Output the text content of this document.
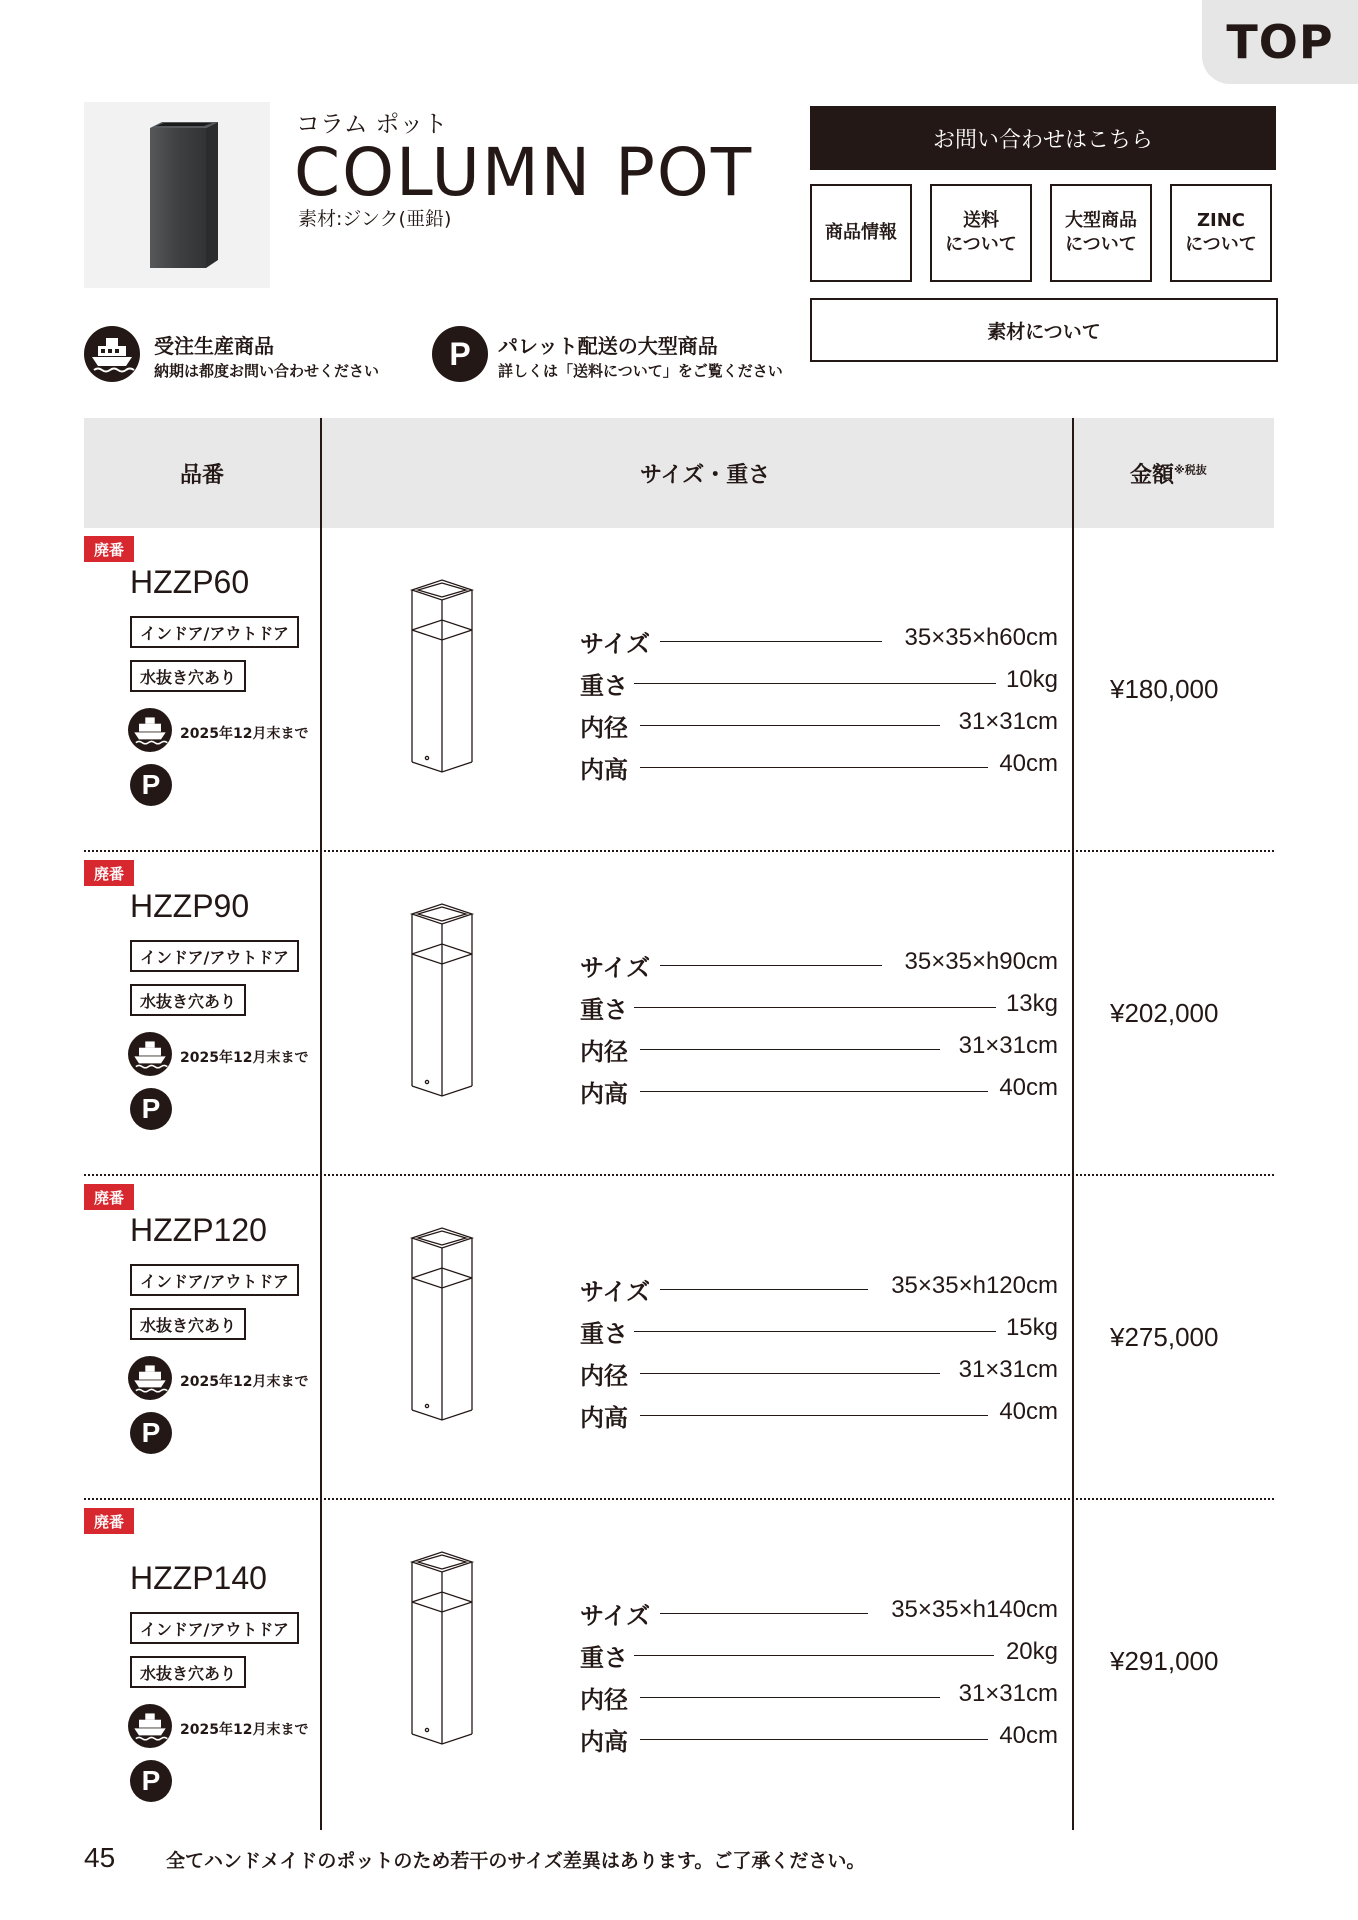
TOP
コラム ポット
COLUMN POT
素材:ジンク(亜鉛)
お問い合わせはこちら
商品情報
送料
について
大型商品
について
ZINC
について
素材について
受注生産商品
納期は都度お問い合わせください P パレット配送の大型商品
詳しくは「送料について」をご覧ください
品番	サイズ・重さ	金額$^{※税抜}$
廃番
HZZP60
インドア/アウトドア
水抜き穴あり
2025年12月末まで
P
サイズ	35×35×h60cm
重さ	10kg
内径	31×31cm
内高	40cm
¥180,000
廃番
HZZP90
インドア/アウトドア
水抜き穴あり
2025年12月末まで
P
サイズ	35×35×h90cm
重さ	13kg
内径	31×31cm
内高	40cm
¥202,000
廃番
HZZP120
インドア/アウトドア
水抜き穴あり
2025年12月末まで
P
サイズ	35×35×h120cm
重さ	15kg
内径	31×31cm
内高	40cm
¥275,000
廃番
HZZP140
インドア/アウトドア
水抜き穴あり
2025年12月末まで
P
サイズ	35×35×h140cm
重さ	20kg
内径	31×31cm
内高	40cm
¥291,000
45	全てハンドメイドのポットのため若干のサイズ差異はあります。ご了承ください。
